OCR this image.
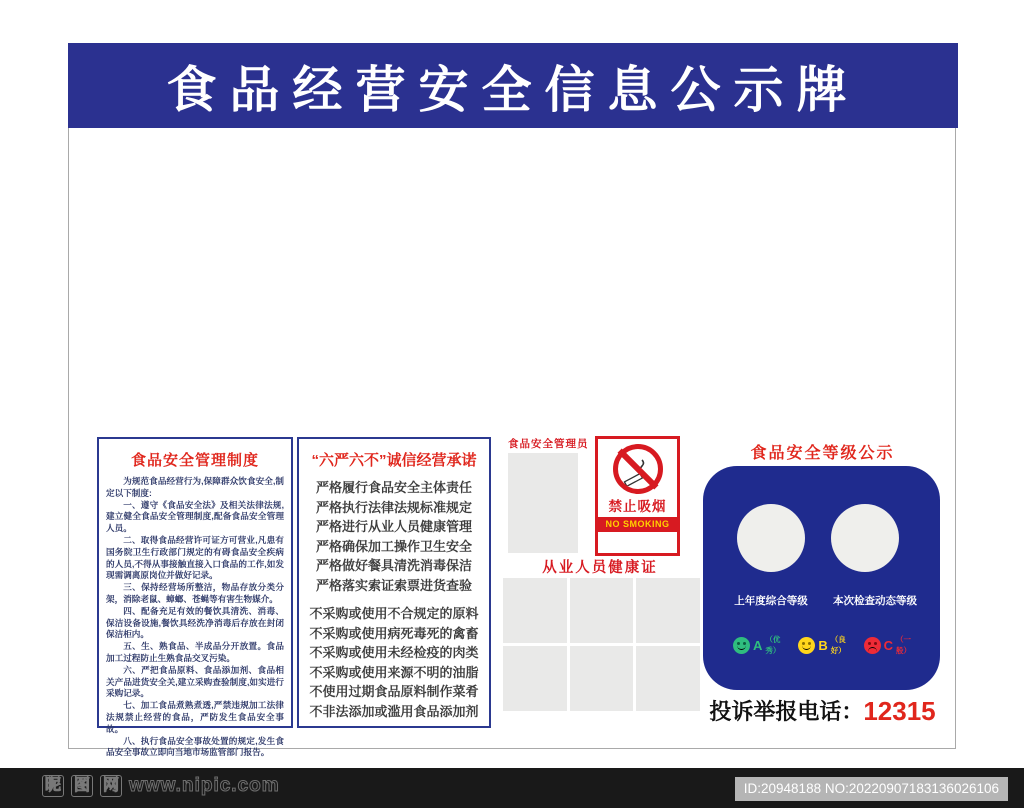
食品经营安全信息公示牌
食品安全管理制度

为规范食品经营行为,保障群众饮食安全,制定以下制度:

一、遵守《食品安全法》及相关法律法规,建立健全食品安全管理制度,配备食品安全管理人员。

二、取得食品经营许可证方可营业,凡患有国务院卫生行政部门规定的有碍食品安全疾病的人员,不得从事接触直接入口食品的工作,如发现需调离原岗位并做好记录。

三、保持经营场所整洁，物品存放分类分架，消除老鼠、蟑螂、苍蝇等有害生物媒介。

四、配备充足有效的餐饮具清洗、消毒、保洁设备设施,餐饮具经洗净消毒后存放在封闭保洁柜内。

五、生、熟食品、半成品分开放置。食品加工过程防止生熟食品交叉污染。

六、严把食品原料、食品添加剂、食品相关产品进货安全关,建立采购查验制度,如实进行采购记录。

七、加工食品煮熟煮透,严禁违规加工法律法规禁止经营的食品，严防发生食品安全事故。

八、执行食品安全事故处置的规定,发生食品安全事故立即向当地市场监管部门报告。

“六严六不”诚信经营承诺
严格履行食品安全主体责任
严格执行法律法规标准规定
严格进行从业人员健康管理
严格确保加工操作卫生安全
严格做好餐具清洗消毒保洁
严格落实索证索票进货查验
不采购或使用不合规定的原料
不采购或使用病死毒死的禽畜
不采购或使用未经检疫的肉类
不采购或使用来源不明的油脂
不使用过期食品原料制作菜肴
不非法添加或滥用食品添加剂
食品安全管理员
禁止吸烟
NO SMOKING
从业人员健康证
食品安全等级公示
上年度综合等级	本次检查动态等级
A （优秀）	B （良好）	C （一般）
投诉举报电话：12315
昵 图 网 www.nipic.com	ID:20948188 NO:20220907183136026106
